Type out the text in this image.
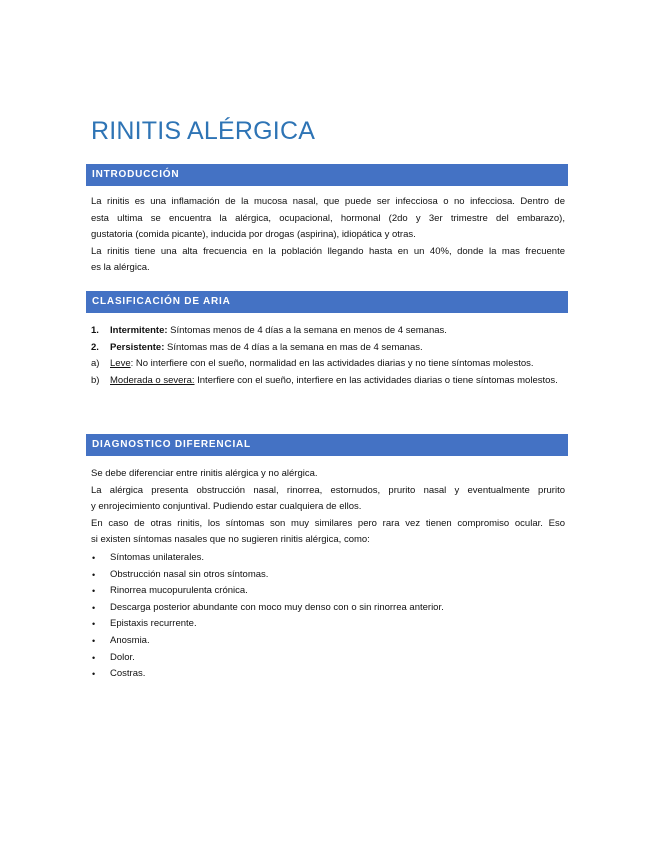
RINITIS ALÉRGICA
INTRODUCCIÓN

La rinitis es una inflamación de la mucosa nasal, que puede ser infecciosa o no infecciosa. Dentro de
esta ultima se encuentra la alérgica, ocupacional, hormonal (2do y 3er trimestre del embarazo),
gustatoria (comida picante), inducida por drogas (aspirina), idiopática y otras.
La rinitis tiene una alta frecuencia en la población llegando hasta en un 40%, donde la mas frecuente
es la alérgica.

CLASIFICACIÓN DE ARIA
1. Intermitente: Síntomas menos de 4 días a la semana en menos de 4 semanas.
2. Persistente: Síntomas mas de 4 días a la semana en mas de 4 semanas.
a) Leve: No interfiere con el sueño, normalidad en las actividades diarias y no tiene síntomas molestos.
b) Moderada o severa: Interfiere con el sueño, interfiere en las actividades diarias o tiene síntomas molestos.
DIAGNOSTICO DIFERENCIAL

Se debe diferenciar entre rinitis alérgica y no alérgica.
La alérgica presenta obstrucción nasal, rinorrea, estornudos, prurito nasal y eventualmente prurito
y enrojecimiento conjuntival. Pudiendo estar cualquiera de ellos.
En caso de otras rinitis, los síntomas son muy similares pero rara vez tienen compromiso ocular. Eso
si existen síntomas nasales que no sugieren rinitis alérgica, como:

• Síntomas unilaterales.
• Obstrucción nasal sin otros síntomas.
• Rinorrea mucopurulenta crónica.
• Descarga posterior abundante con moco muy denso con o sin rinorrea anterior.
• Epistaxis recurrente.
• Anosmia.
• Dolor.
• Costras.
